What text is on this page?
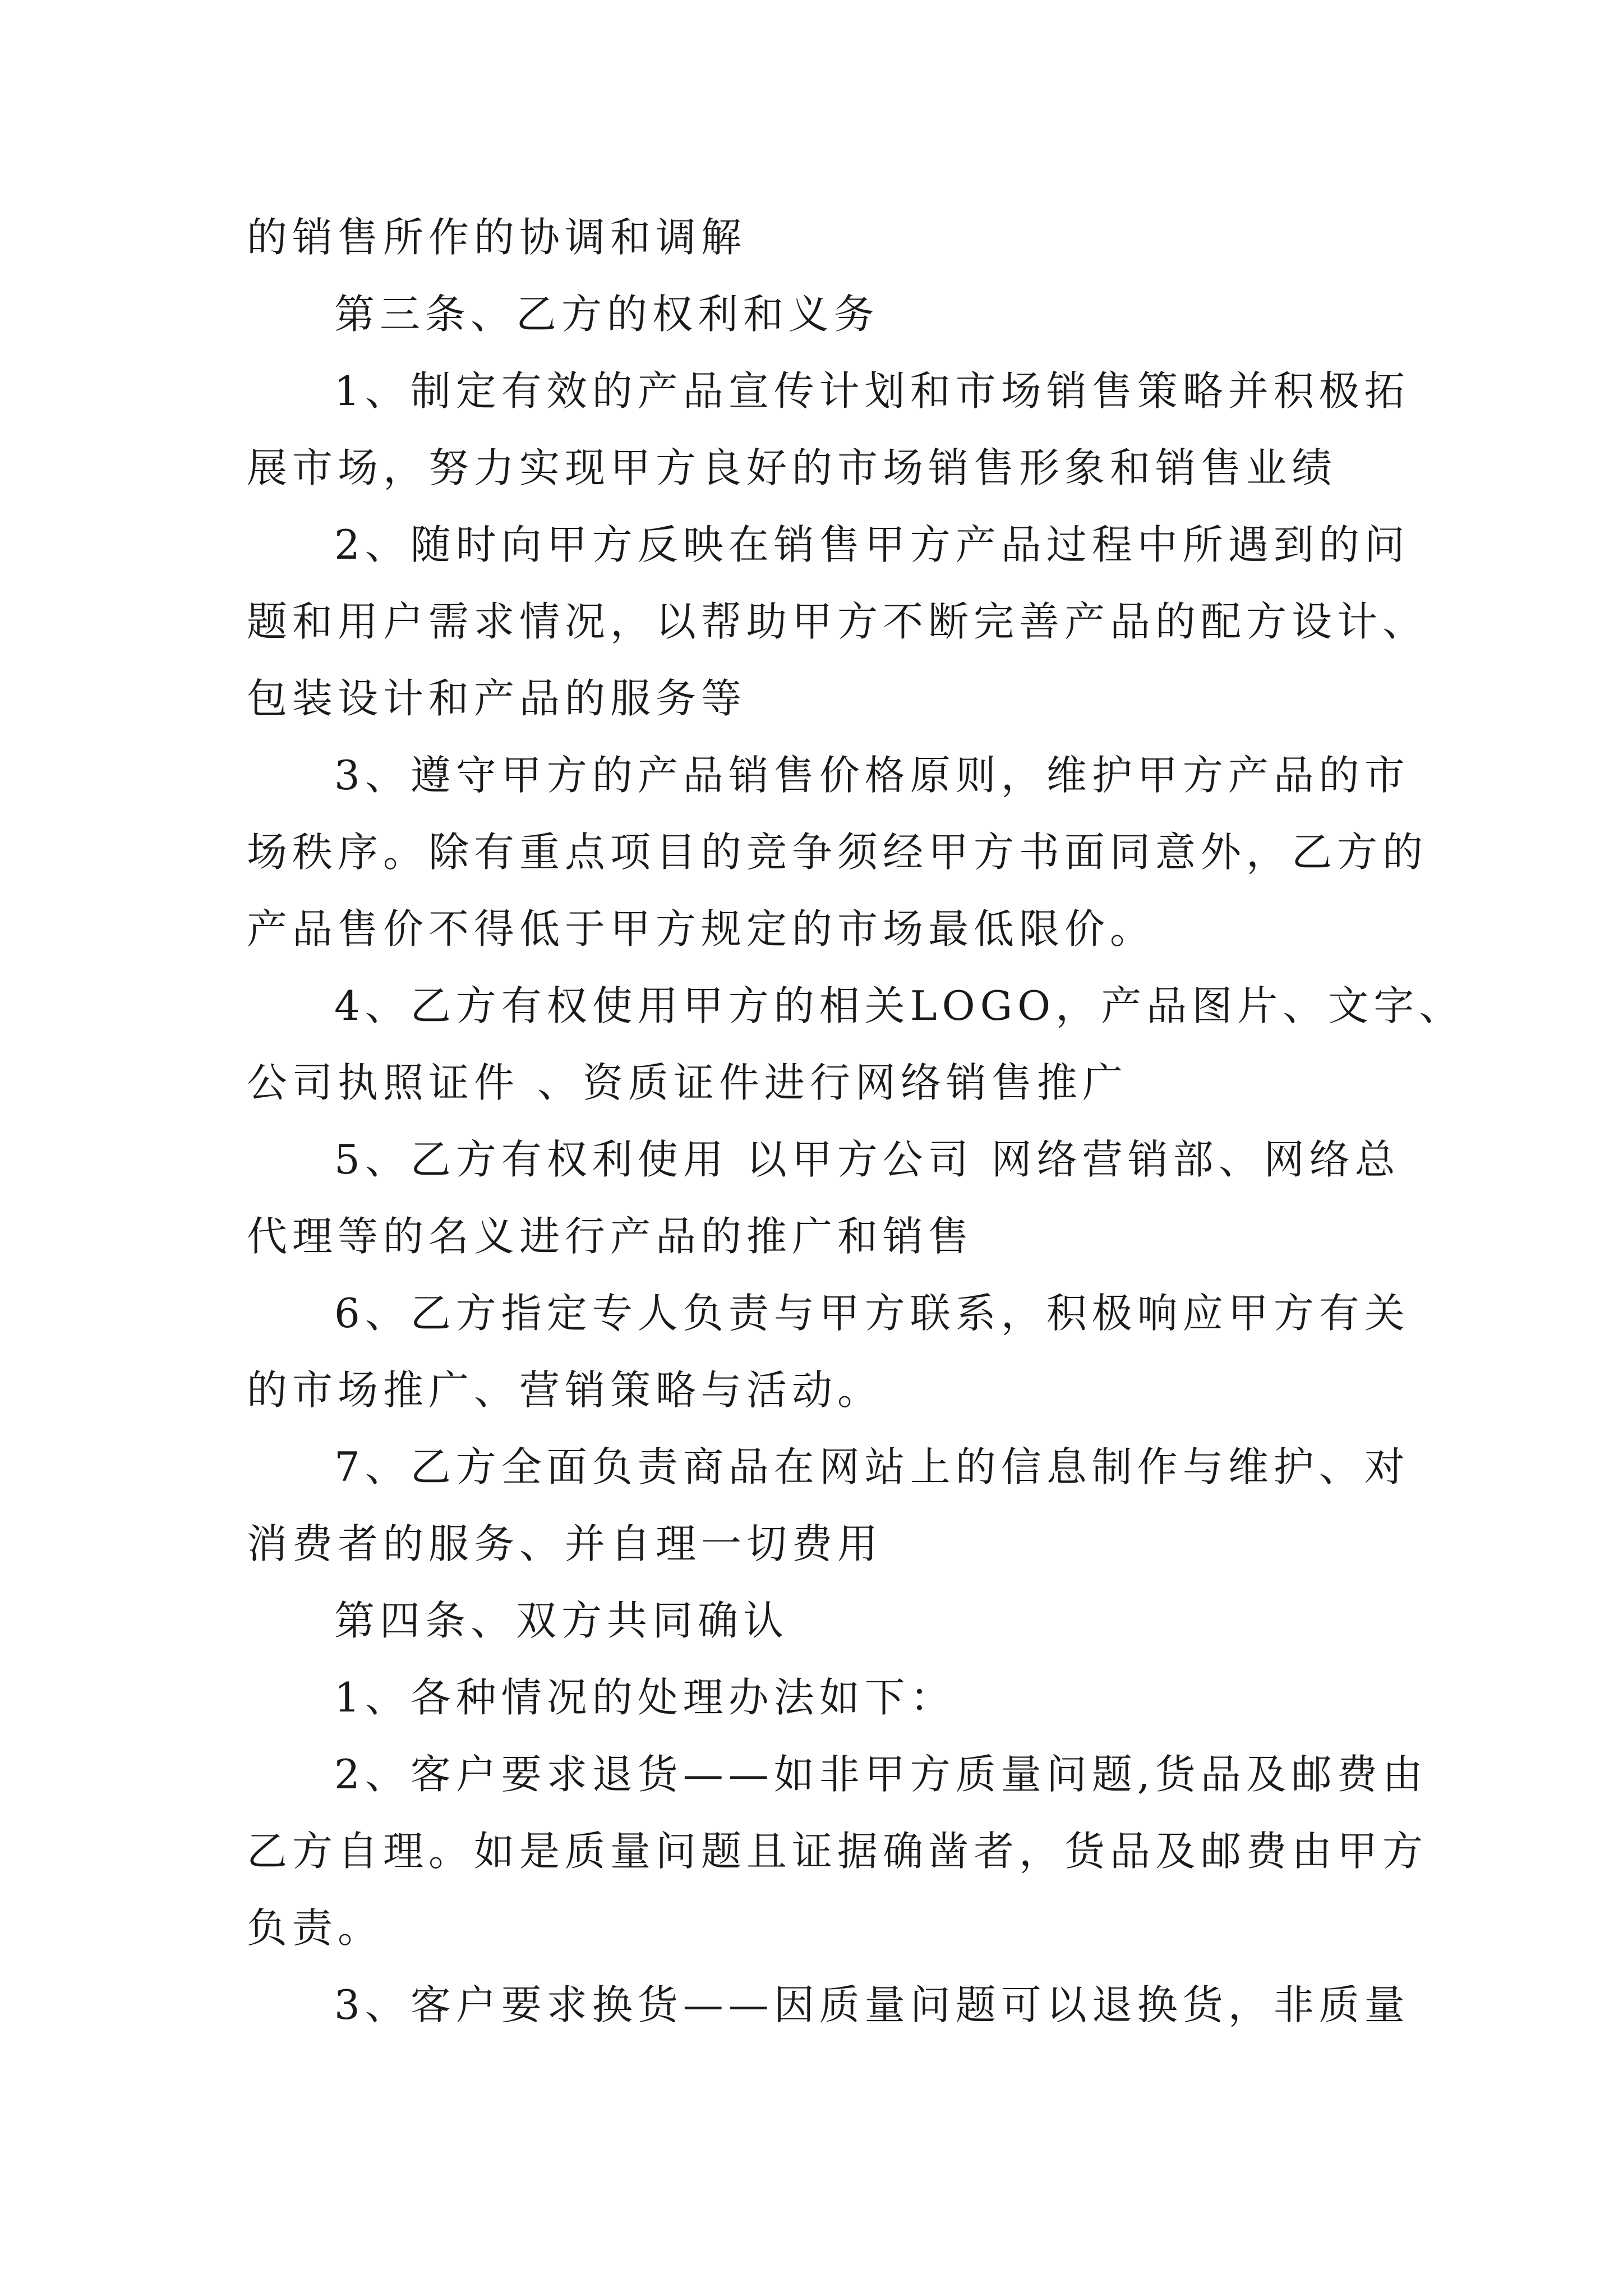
的销售所作的协调和调解

第三条、乙方的权利和义务

1、制定有效的产品宣传计划和市场销售策略并积极拓

展市场，努力实现甲方良好的市场销售形象和销售业绩

2、随时向甲方反映在销售甲方产品过程中所遇到的问

题和用户需求情况，以帮助甲方不断完善产品的配方设计、

包装设计和产品的服务等

3、遵守甲方的产品销售价格原则，维护甲方产品的市

场秩序。除有重点项目的竞争须经甲方书面同意外，乙方的

产品售价不得低于甲方规定的市场最低限价。

4、乙方有权使用甲方的相关LOGO，产品图片、文字、

公司执照证件 、资质证件进行网络销售推广

5、乙方有权利使用 以甲方公司 网络营销部、网络总

代理等的名义进行产品的推广和销售

6、乙方指定专人负责与甲方联系，积极响应甲方有关

的市场推广、营销策略与活动。

7、乙方全面负责商品在网站上的信息制作与维护、对

消费者的服务、并自理一切费用

第四条、双方共同确认

1、各种情况的处理办法如下：

2、客户要求退货——如非甲方质量问题,货品及邮费由

乙方自理。如是质量问题且证据确凿者，货品及邮费由甲方

负责。

3、客户要求换货——因质量问题可以退换货，非质量
